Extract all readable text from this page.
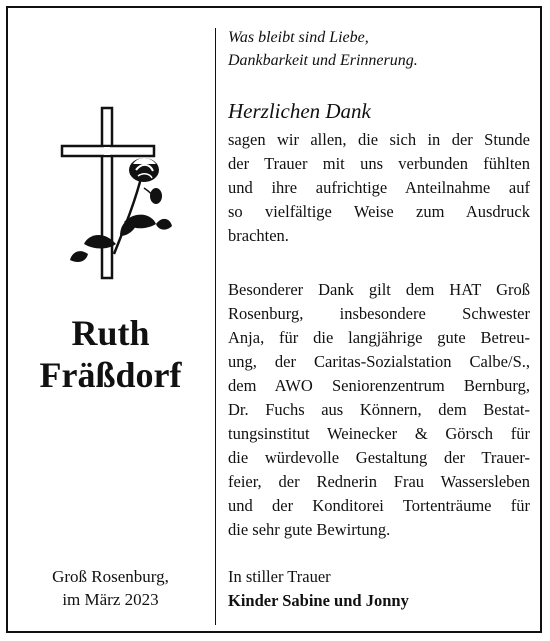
Ruth
Fräßdorf
Groß Rosenburg,
im März 2023
Was bleibt sind Liebe,
Dankbarkeit und Erinnerung.
Herzlichen Dank
sagen wir allen, die sich in der Stunde
der Trauer mit uns verbunden fühlten
und ihre aufrichtige Anteilnahme auf
so vielfältige Weise zum Ausdruck
brachten.
Besonderer Dank gilt dem HAT Groß
Rosenburg, insbesondere Schwester
Anja, für die langjährige gute Betreu-
ung, der Caritas-Sozialstation Calbe/S.,
dem AWO Seniorenzentrum Bernburg,
Dr. Fuchs aus Könnern, dem Bestat-
tungsinstitut Weinecker & Görsch für
die würdevolle Gestaltung der Trauer-
feier, der Rednerin Frau Wassersleben
und der Konditorei Tortenträume für
die sehr gute Bewirtung.
In stiller Trauer
Kinder Sabine und Jonny
